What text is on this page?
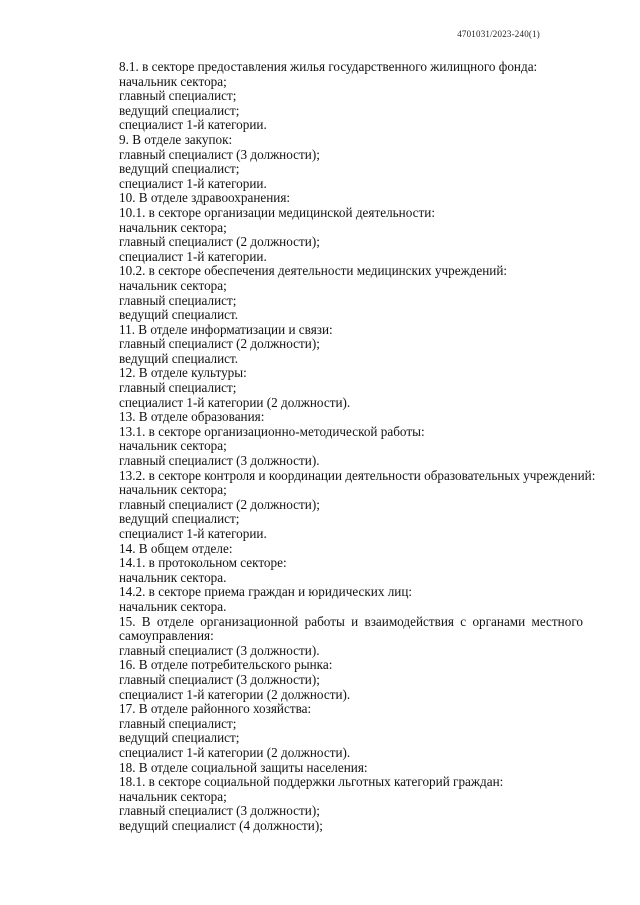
4701031/2023-240(1)
8.1. в секторе предоставления жилья государственного жилищного фонда:
начальник сектора;
главный специалист;
ведущий специалист;
специалист 1-й категории.
9. В отделе закупок:
главный специалист (3 должности);
ведущий специалист;
специалист 1-й категории.
10. В отделе здравоохранения:
10.1. в секторе организации медицинской деятельности:
начальник сектора;
главный специалист (2 должности);
специалист 1-й категории.
10.2. в секторе обеспечения деятельности медицинских учреждений:
начальник сектора;
главный специалист;
ведущий специалист.
11. В отделе информатизации и связи:
главный специалист (2 должности);
ведущий специалист.
12. В отделе культуры:
главный специалист;
специалист 1-й категории (2 должности).
13. В отделе образования:
13.1. в секторе организационно-методической работы:
начальник сектора;
главный специалист (3 должности).
13.2. в секторе контроля и координации деятельности образовательных учреждений:
начальник сектора;
главный специалист (2 должности);
ведущий специалист;
специалист 1-й категории.
14. В общем отделе:
14.1. в протокольном секторе:
начальник сектора.
14.2. в секторе приема граждан и юридических лиц:
начальник сектора.
15. В отделе организационной работы и взаимодействия с органами местного
самоуправления:
главный специалист (3 должности).
16. В отделе потребительского рынка:
главный специалист (3 должности);
специалист 1-й категории (2 должности).
17. В отделе районного хозяйства:
главный специалист;
ведущий специалист;
специалист 1-й категории (2 должности).
18. В отделе социальной защиты населения:
18.1. в секторе социальной поддержки льготных категорий граждан:
начальник сектора;
главный специалист (3 должности);
ведущий специалист (4 должности);
